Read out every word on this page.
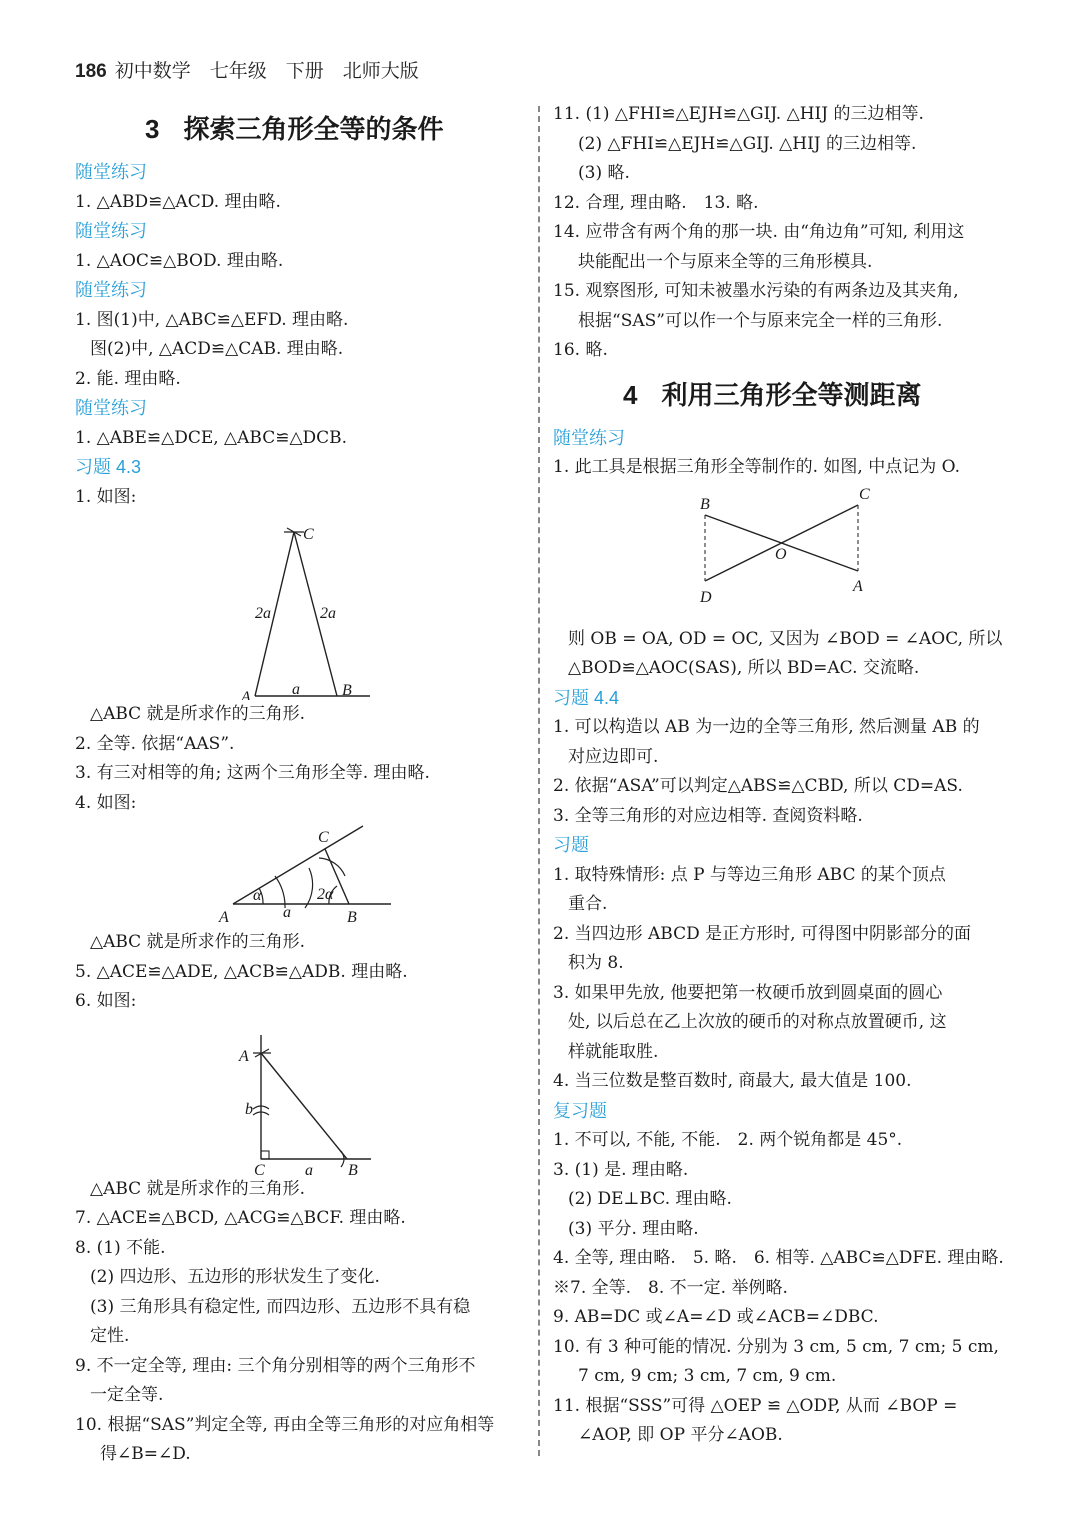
186 初中数学　七年级　下册　北师大版
3 探索三角形全等的条件
随堂练习
1. △ABD≌△ACD. 理由略.
随堂练习
1. △AOC≌△BOD. 理由略.
随堂练习
1. 图(1)中, △ABC≌△EFD. 理由略.
图(2)中, △ACD≌△CAB. 理由略.
2. 能. 理由略.
随堂练习
1. △ABE≌△DCE, △ABC≌△DCB.
习题 4.3
1. 如图:
C
A	B
2a	2a
a
△ABC 就是所求作的三角形.
2. 全等. 依据“AAS”.
3. 有三对相等的角; 这两个三角形全等. 理由略.
4. 如图:
α	2α
a
A	B
C
△ABC 就是所求作的三角形.
5. △ACE≌△ADE, △ACB≌△ADB. 理由略.
6. 如图:
A
b
C	a B
△ABC 就是所求作的三角形.
7. △ACE≌△BCD, △ACG≌△BCF. 理由略.
8. (1) 不能.
(2) 四边形、五边形的形状发生了变化.
(3) 三角形具有稳定性, 而四边形、五边形不具有稳
定性.
9. 不一定全等, 理由: 三个角分别相等的两个三角形不
一定全等.
10. 根据“SAS”判定全等, 再由全等三角形的对应角相等
得∠B=∠D.
11. (1) △FHI≌△EJH≌△GIJ. △HIJ 的三边相等.
(2) △FHI≌△EJH≌△GIJ. △HIJ 的三边相等.
(3) 略.
12. 合理, 理由略.　13. 略.
14. 应带含有两个角的那一块. 由“角边角”可知, 利用这
块能配出一个与原来全等的三角形模具.
15. 观察图形, 可知未被墨水污染的有两条边及其夹角,
根据“SAS”可以作一个与原来完全一样的三角形.
16. 略.
4 利用三角形全等测距离
随堂练习
1. 此工具是根据三角形全等制作的. 如图, 中点记为 O.
B
C
O
D
A
则 OB = OA, OD = OC, 又因为 ∠BOD = ∠AOC, 所以
△BOD≌△AOC(SAS), 所以 BD=AC. 交流略.
习题 4.4
1. 可以构造以 AB 为一边的全等三角形, 然后测量 AB 的
对应边即可.
2. 依据“ASA”可以判定△ABS≌△CBD, 所以 CD=AS.
3. 全等三角形的对应边相等. 查阅资料略.
习题
1. 取特殊情形: 点 P 与等边三角形 ABC 的某个顶点
重合.
2. 当四边形 ABCD 是正方形时, 可得图中阴影部分的面
积为 8.
3. 如果甲先放, 他要把第一枚硬币放到圆桌面的圆心
处, 以后总在乙上次放的硬币的对称点放置硬币, 这
样就能取胜.
4. 当三位数是整百数时, 商最大, 最大值是 100.
复习题
1. 不可以, 不能, 不能.　2. 两个锐角都是 45°.
3. (1) 是. 理由略.
(2) DE⊥BC. 理由略.
(3) 平分. 理由略.
4. 全等, 理由略.　5. 略.　6. 相等. △ABC≌△DFE. 理由略.
※7. 全等.　8. 不一定. 举例略.
9. AB=DC 或∠A=∠D 或∠ACB=∠DBC.
10. 有 3 种可能的情况. 分别为 3 cm, 5 cm, 7 cm; 5 cm,
7 cm, 9 cm; 3 cm, 7 cm, 9 cm.
11. 根据“SSS”可得 △OEP ≌ △ODP, 从而 ∠BOP =
∠AOP, 即 OP 平分∠AOB.
